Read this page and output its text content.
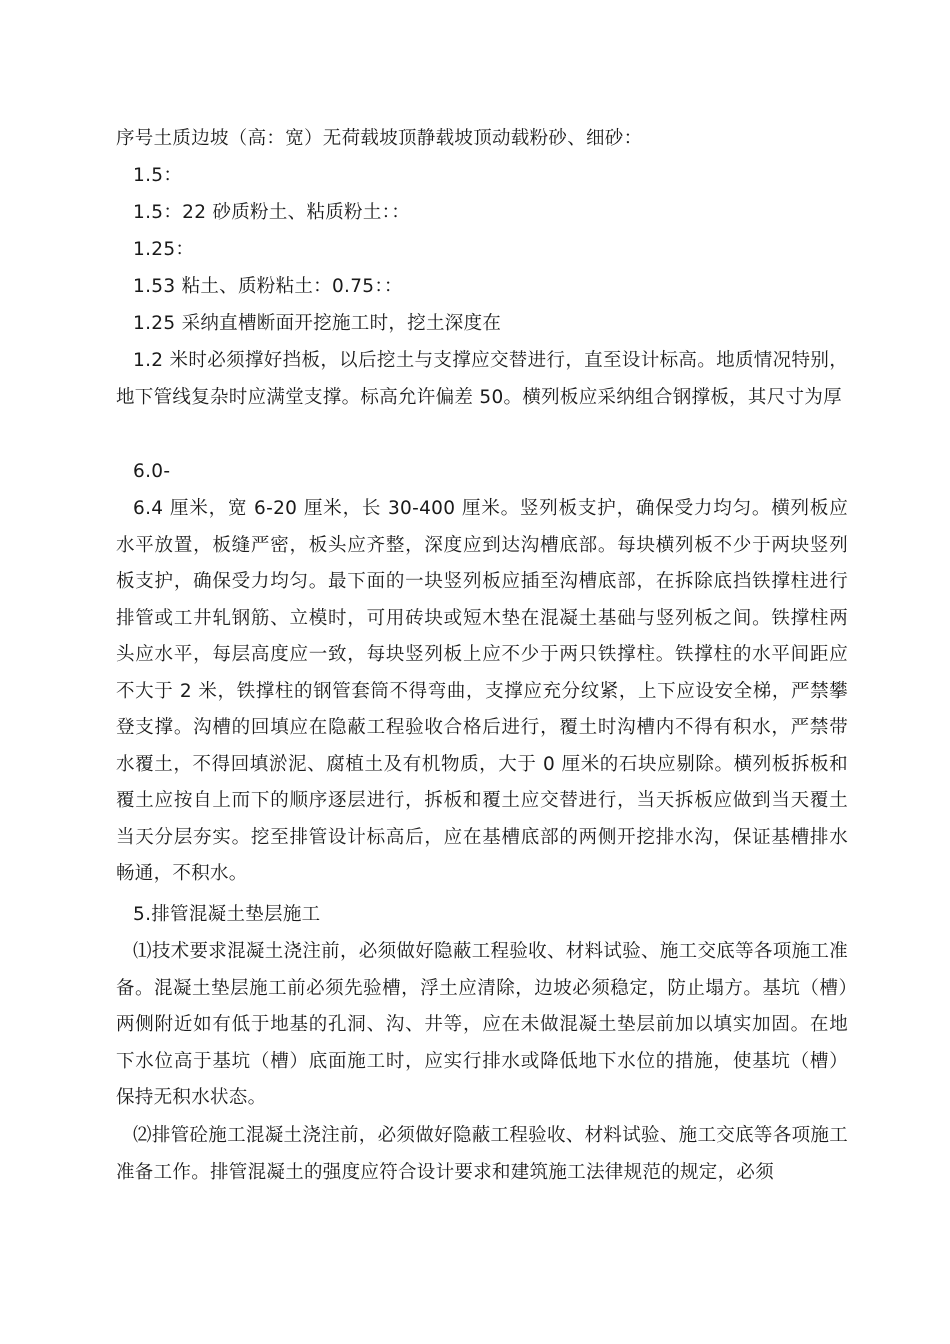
序号土质边坡（高：宽）无荷载坡顶静载坡顶动载粉砂、细砂：

1.5：

1.5：22 砂质粉土、粘质粉土：：

1.25：

1.53 粘土、质粉粘土：0.75：：

1.25 采纳直槽断面开挖施工时，挖土深度在

1.2 米时必须撑好挡板，以后挖土与支撑应交替进行，直至设计标高。地质情况特别，地下管线复杂时应满堂支撑。标高允许偏差 50。横列板应采纳组合钢撑板，其尺寸为厚

6.0-

6.4 厘米，宽 6-20 厘米，长 30-400 厘米。竖列板支护，确保受力均匀。横列板应水平放置，板缝严密，板头应齐整，深度应到达沟槽底部。每块横列板不少于两块竖列板支护，确保受力均匀。最下面的一块竖列板应插至沟槽底部，在拆除底挡铁撑柱进行排管或工井轧钢筋、立模时，可用砖块或短木垫在混凝土基础与竖列板之间。铁撑柱两头应水平，每层高度应一致，每块竖列板上应不少于两只铁撑柱。铁撑柱的水平间距应不大于 2 米，铁撑柱的钢管套筒不得弯曲，支撑应充分纹紧，上下应设安全梯，严禁攀登支撑。沟槽的回填应在隐蔽工程验收合格后进行，覆土时沟槽内不得有积水，严禁带水覆土，不得回填淤泥、腐植土及有机物质，大于 0 厘米的石块应剔除。横列板拆板和覆土应按自上而下的顺序逐层进行，拆板和覆土应交替进行，当天拆板应做到当天覆土当天分层夯实。挖至排管设计标高后，应在基槽底部的两侧开挖排水沟，保证基槽排水畅通，不积水。

5.排管混凝土垫层施工

⑴技术要求混凝土浇注前，必须做好隐蔽工程验收、材料试验、施工交底等各项施工准备。混凝土垫层施工前必须先验槽，浮土应清除，边坡必须稳定，防止塌方。基坑（槽）两侧附近如有低于地基的孔洞、沟、井等，应在未做混凝土垫层前加以填实加固。在地下水位高于基坑（槽）底面施工时，应实行排水或降低地下水位的措施，使基坑（槽）保持无积水状态。

⑵排管砼施工混凝土浇注前，必须做好隐蔽工程验收、材料试验、施工交底等各项施工准备工作。排管混凝土的强度应符合设计要求和建筑施工法律规范的规定，必须
